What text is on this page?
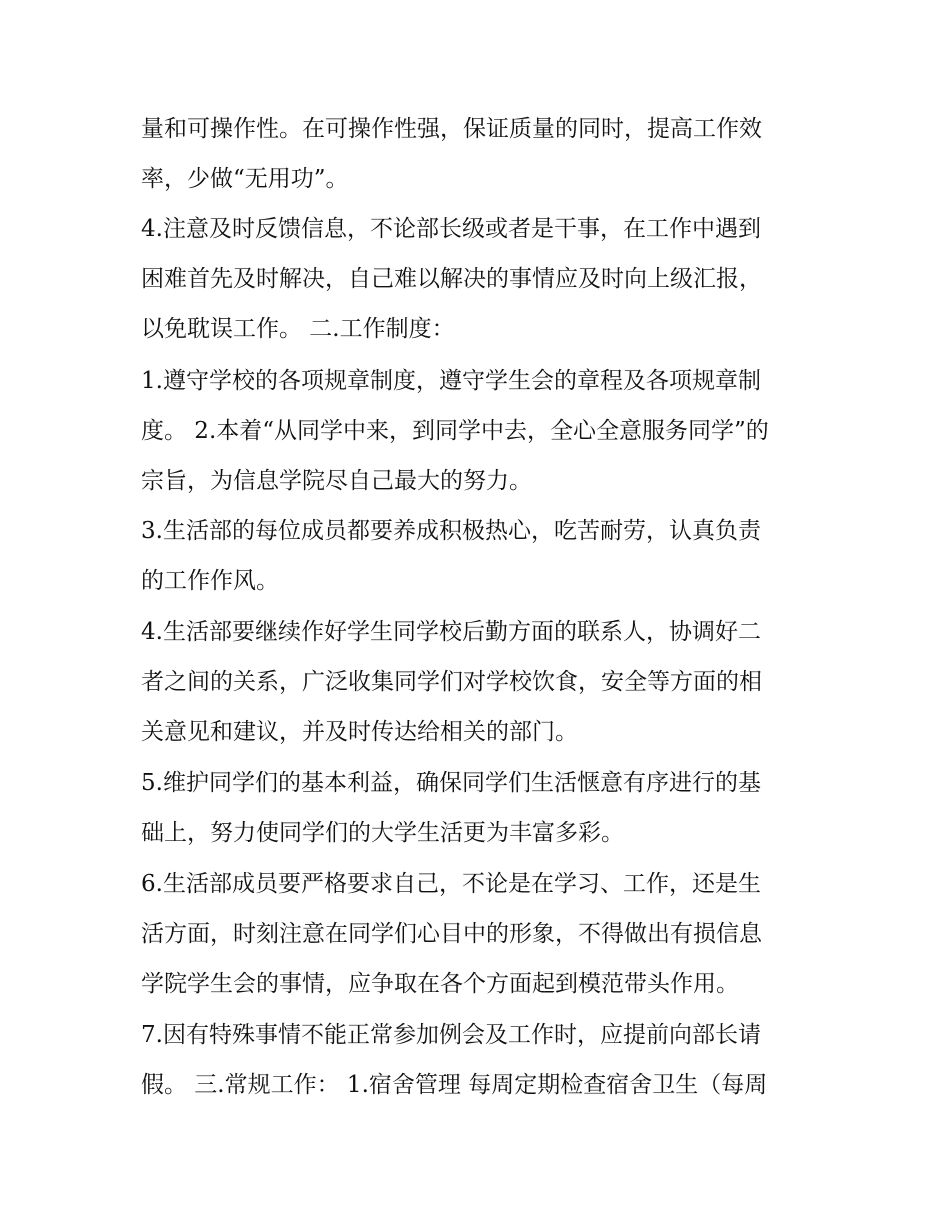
量和可操作性。在可操作性强，保证质量的同时，提高工作效
率，少做“无用功”。
4.注意及时反馈信息，不论部长级或者是干事，在工作中遇到
困难首先及时解决，自己难以解决的事情应及时向上级汇报，
以免耽误工作。 二.工作制度：
1.遵守学校的各项规章制度，遵守学生会的章程及各项规章制
度。 2.本着“从同学中来，到同学中去，全心全意服务同学”的
宗旨，为信息学院尽自己最大的努力。
3.生活部的每位成员都要养成积极热心，吃苦耐劳，认真负责
的工作作风。
4.生活部要继续作好学生同学校后勤方面的联系人，协调好二
者之间的关系，广泛收集同学们对学校饮食，安全等方面的相
关意见和建议，并及时传达给相关的部门。
5.维护同学们的基本利益，确保同学们生活惬意有序进行的基
础上，努力使同学们的大学生活更为丰富多彩。
6.生活部成员要严格要求自己，不论是在学习、工作，还是生
活方面，时刻注意在同学们心目中的形象，不得做出有损信息
学院学生会的事情，应争取在各个方面起到模范带头作用。
7.因有特殊事情不能正常参加例会及工作时，应提前向部长请
假。 三.常规工作： 1.宿舍管理 每周定期检查宿舍卫生（每周
